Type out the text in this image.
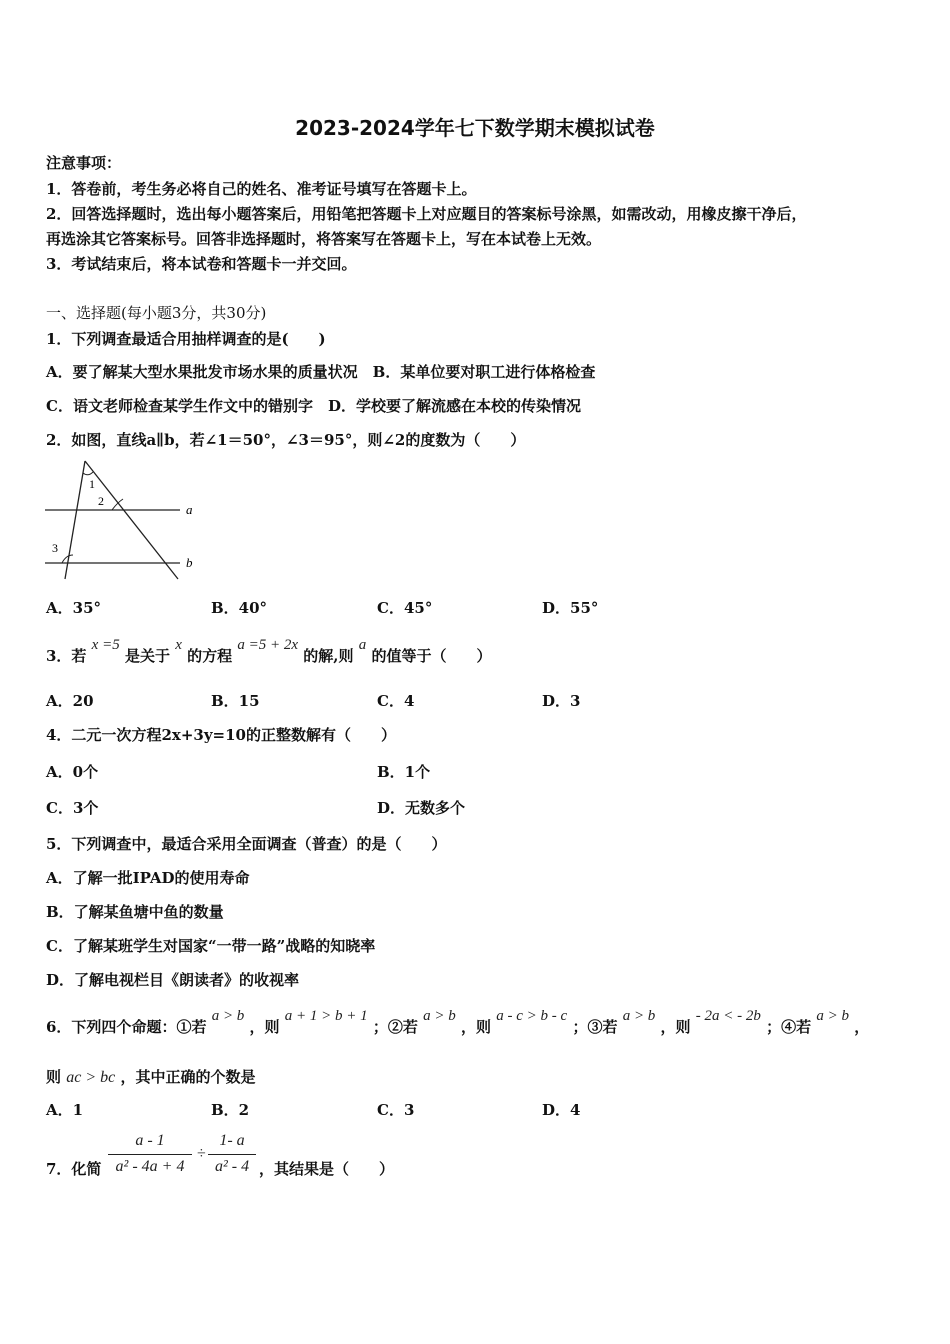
2023-2024学年七下数学期末模拟试卷
注意事项：
1．答卷前，考生务必将自己的姓名、准考证号填写在答题卡上。
2．回答选择题时，选出每小题答案后，用铅笔把答题卡上对应题目的答案标号涂黑，如需改动，用橡皮擦干净后，
再选涂其它答案标号。回答非选择题时，将答案写在答题卡上，写在本试卷上无效。
3．考试结束后，将本试卷和答题卡一并交回。
一、选择题(每小题3分，共30分)
1．下列调查最适合用抽样调查的是(　　)
A．要了解某大型水果批发市场水果的质量状况　B．某单位要对职工进行体格检查
C．语文老师检查某学生作文中的错别字　D．学校要了解流感在本校的传染情况
2．如图，直线a∥b，若∠1＝50°，∠3＝95°，则∠2的度数为（　　）
1
2
3
a
b
A．35°	B．40°	C．45°	D．55°
3．若 x =5 是关于 x 的方程 a =5 + 2x 的解,则 a 的值等于（　　）
A．20	B．15	C．4	D．3
4．二元一次方程2x+3y=10的正整数解有（　　）
A．0个	B．1个
C．3个	D．无数多个
5．下列调查中，最适合采用全面调查（普查）的是（　　）
A．了解一批IPAD的使用寿命
B．了解某鱼塘中鱼的数量
C．了解某班学生对国家“一带一路”战略的知晓率
D．了解电视栏目《朗读者》的收视率
6．下列四个命题：①若 a > b ，则 a + 1 > b + 1 ；②若 a > b ，则 a - c > b - c ；③若 a > b ，则 - 2a < - 2b ；④若 a > b ，
则 ac > bc ，其中正确的个数是
A．1	B．2	C．3	D．4
7．化简
a - 1
a² - 4a + 4
÷
1- a
a² - 4 ，其结果是（　　）
